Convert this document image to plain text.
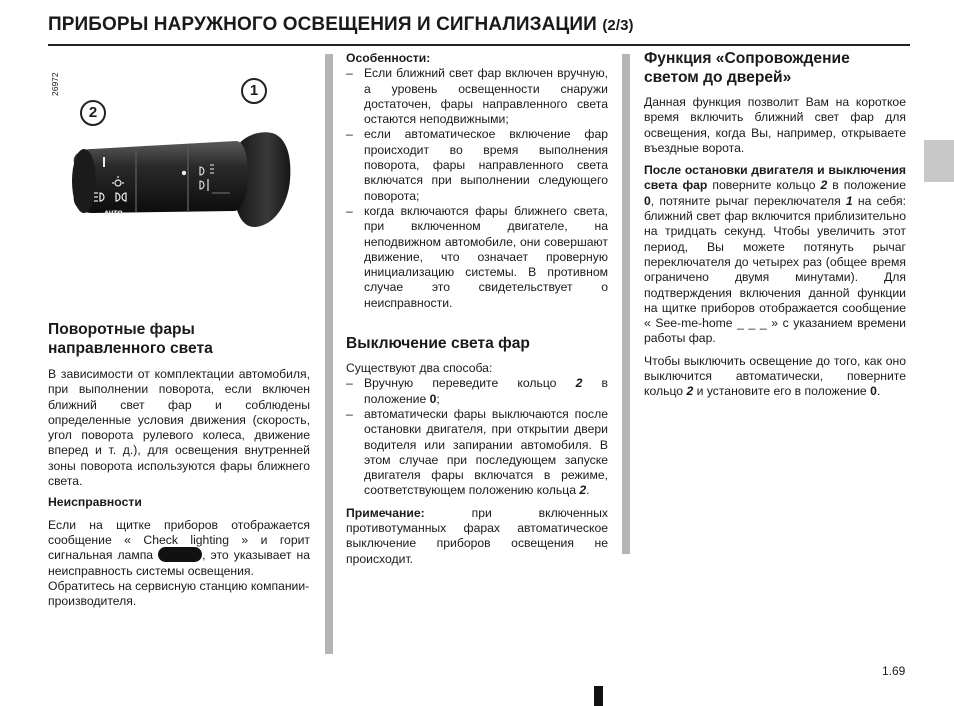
ПРИБОРЫ НАРУЖНОГО ОСВЕЩЕНИЯ И СИГНАЛИЗАЦИИ (2/3)
26972
AUTO
1
2

Поворотные фары направленного света

В зависимости от комплектации автомобиля, при выполнении поворота, если включен ближний свет фар и соблюдены определенные условия движения (скорость, угол поворота рулевого колеса, движение вперед и т. д.), для освещения внутренней зоны поворота используются фары ближнего света.

Неисправности

Если на щитке приборов отображается сообщение « Check lighting » и горит сигнальная лампа	, это указывает на неисправность системы освещения.

Обратитесь на сервисную станцию компании-производителя.

Особенности:

– Если ближний свет фар включен вручную, а уровень освещенности снаружи достаточен, фары направленного света остаются неподвижными;

– если автоматическое включение фар происходит во время выполнения поворота, фары направленного света включатся при выполнении следующего поворота;

– когда включаются фары ближнего света, при включенном двигателе, на неподвижном автомобиле, они совершают движение, что означает проверную инициализацию системы. В противном случае это свидетельствует о неисправности.

Выключение света фар

Существуют два способа:

– Вручную переведите кольцо 2 в положение 0;

– автоматически фары выключаются после остановки двигателя, при открытии двери водителя или запирании автомобиля. В этом случае при последующем запуске двигателя фары включатся в режиме, соответствующем положению кольца 2.

Примечание: при включенных противотуманных фарах автоматическое выключение приборов освещения не происходит.

Функция «Сопровождение светом до дверей»

Данная функция позволит Вам на короткое время включить ближний свет фар для освещения, когда Вы, например, открываете въездные ворота.

После остановки двигателя и выключения света фар поверните кольцо 2 в положение 0, потяните рычаг переключателя 1 на себя: ближний свет фар включится приблизительно на тридцать секунд. Чтобы увеличить этот период, Вы можете потянуть рычаг переключателя до четырех раз (общее время ограничено двумя минутами). Для подтверждения включения данной функции на щитке приборов отображается сообщение « See-me-home _ _ _ » с указанием времени работы фар.

Чтобы выключить освещение до того, как оно выключится автоматически, поверните кольцо 2 и установите его в положение 0.

1.69
